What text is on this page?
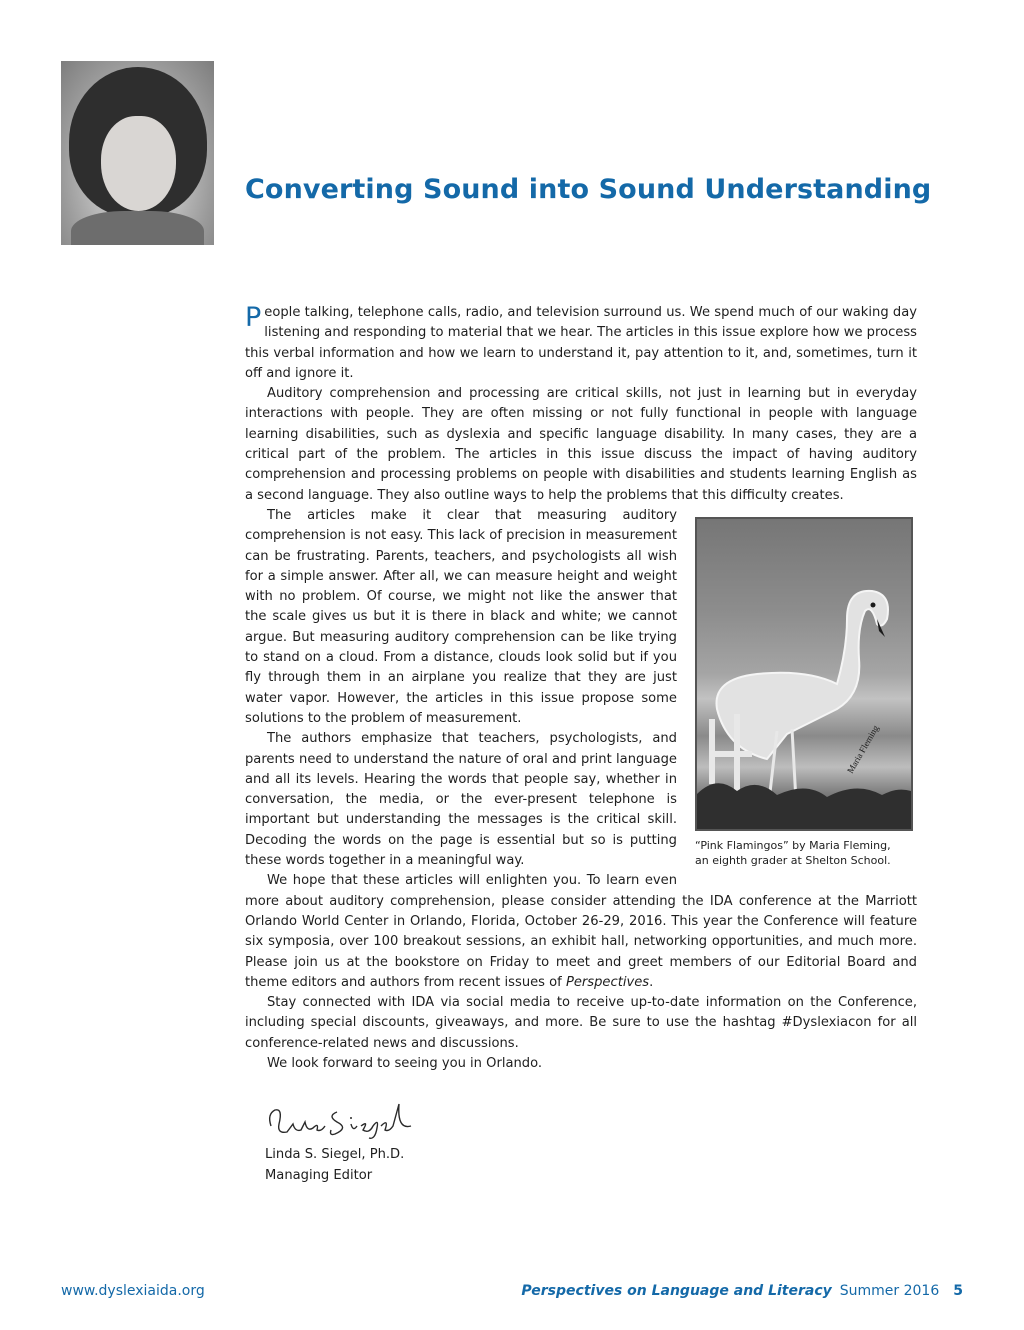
Converting Sound into Sound Understanding

People talking, telephone calls, radio, and television surround us. We spend much of our waking day listening and responding to material that we hear. The articles in this issue explore how we process this verbal information and how we learn to understand it, pay attention to it, and, sometimes, turn it off and ignore it.

Auditory comprehension and processing are critical skills, not just in learning but in everyday interactions with people. They are often missing or not fully functional in people with language learning disabilities, such as dyslexia and specific language disability. In many cases, they are a critical part of the problem. The articles in this issue discuss the impact of having auditory comprehension and processing problems on people with disabilities and students learning English as a second language. They also outline ways to help the problems that this difficulty creates.

Maria Fleming
“Pink Flamingos” by Maria Fleming,
an eighth grader at Shelton School.

The articles make it clear that measuring auditory comprehension is not easy. This lack of precision in measurement can be frustrating. Parents, teachers, and psychologists all wish for a simple answer. After all, we can measure height and weight with no problem. Of course, we might not like the answer that the scale gives us but it is there in black and white; we cannot argue. But measuring auditory comprehension can be like trying to stand on a cloud. From a distance, clouds look solid but if you fly through them in an airplane you realize that they are just water vapor. However, the articles in this issue propose some solutions to the problem of measurement.

The authors emphasize that teachers, psychologists, and parents need to understand the nature of oral and print language and all its levels. Hearing the words that people say, whether in conversation, the media, or the ever-present telephone is important but understanding the messages is the critical skill. Decoding the words on the page is essential but so is putting these words together in a meaningful way.

We hope that these articles will enlighten you. To learn even more about auditory comprehension, please consider attending the IDA conference at the Marriott Orlando World Center in Orlando, Florida, October 26-29, 2016. This year the Conference will feature six symposia, over 100 breakout sessions, an exhibit hall, networking opportunities, and much more. Please join us at the bookstore on Friday to meet and greet members of our Editorial Board and theme editors and authors from recent issues of Perspectives.

Stay connected with IDA via social media to receive up-to-date information on the Conference, including special discounts, giveaways, and more. Be sure to use the hashtag #Dyslexiacon for all conference-related news and discussions.

We look forward to seeing you in Orlando.

Linda S. Siegel, Ph.D.
Managing Editor
www.dyslexiaida.org	Perspectives on Language and Literacy Summer 2016 5
